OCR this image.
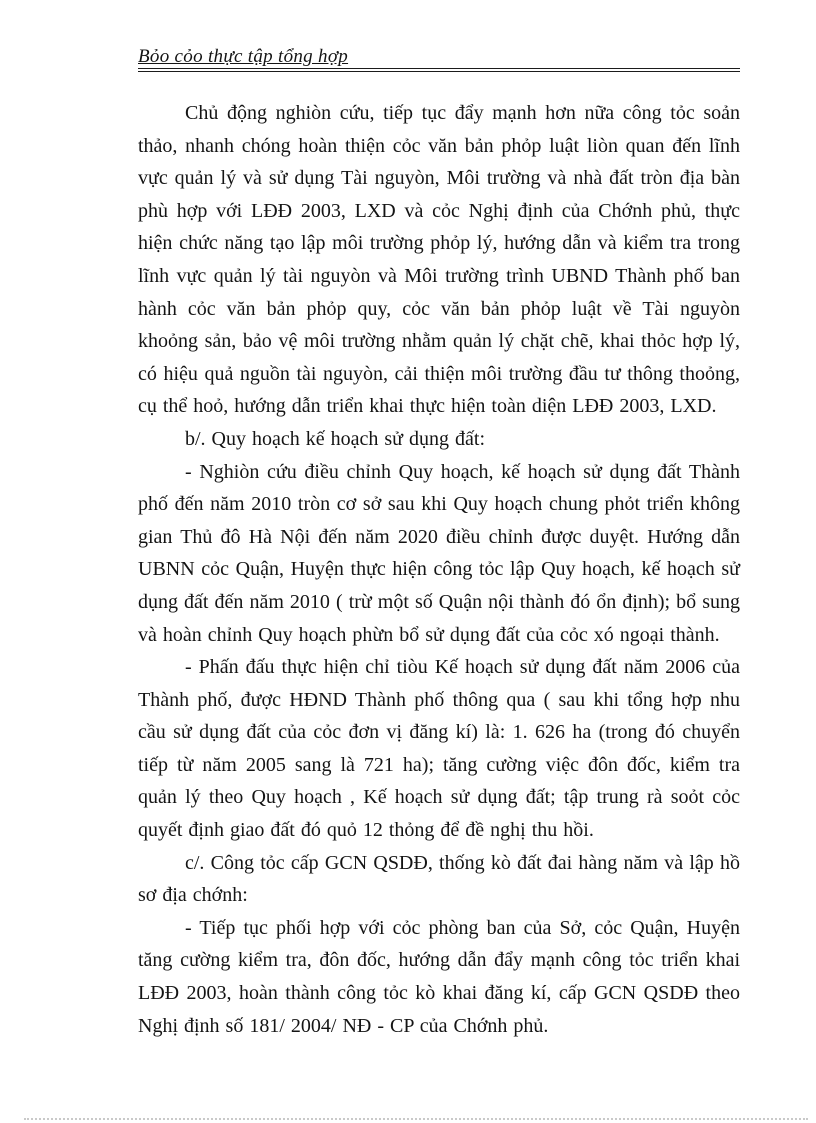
Bỏo cỏo thực tập tổng hợp

Chủ động nghiòn cứu, tiếp tục đẩy mạnh hơn nữa công tỏc soản thảo, nhanh chóng hoàn thiện cỏc văn bản phỏp luật liòn quan đến lĩnh vực quản lý và sử dụng Tài nguyòn, Môi trường và nhà đất tròn địa bàn phù hợp với LĐĐ 2003, LXD và cỏc Nghị định của Chớnh phủ, thực hiện chức năng tạo lập môi trường phỏp lý, hướng dẫn và kiểm tra trong lĩnh vực quản lý tài nguyòn và Môi trường trình UBND Thành phố ban hành cỏc văn bản phỏp quy, cỏc văn bản phỏp luật về Tài nguyòn khoỏng sản, bảo vệ môi trường nhằm quản lý chặt chẽ, khai thỏc hợp lý, có hiệu quả nguồn tài nguyòn, cải thiện môi trường đầu tư thông thoỏng, cụ thể hoỏ, hướng dẫn triển khai thực hiện toàn diện LĐĐ 2003, LXD.

b/. Quy hoạch kế hoạch sử dụng đất:

- Nghiòn cứu điều chỉnh Quy hoạch, kế hoạch sử dụng đất Thành phố đến năm 2010 tròn cơ sở sau khi Quy hoạch chung phỏt triển không gian Thủ đô Hà Nội đến năm 2020 điều chỉnh được duyệt. Hướng dẫn UBNN cỏc Quận, Huyện thực hiện công tỏc lập Quy hoạch, kế hoạch sử dụng đất đến năm 2010 ( trừ một số Quận nội thành đó ổn định); bổ sung và hoàn chỉnh Quy hoạch phừn bổ sử dụng đất của cỏc xó ngoại thành.

- Phấn đấu thực hiện chỉ tiòu Kế hoạch sử dụng đất năm 2006 của Thành phố, được HĐND Thành phố thông qua ( sau khi tổng hợp nhu cầu sử dụng đất của cỏc đơn vị đăng kí) là: 1. 626 ha (trong đó chuyển tiếp từ năm 2005 sang là 721 ha); tăng cường việc đôn đốc, kiểm tra quản lý theo Quy hoạch , Kế hoạch sử dụng đất; tập trung rà soỏt cỏc quyết định giao đất đó quỏ 12 thỏng để đề nghị thu hồi.

c/. Công tỏc cấp GCN QSDĐ, thống kò đất đai hàng năm và lập hồ sơ địa chớnh:

- Tiếp tục phối hợp với cỏc phòng ban của Sở, cỏc Quận, Huyện tăng cường kiểm tra, đôn đốc, hướng dẫn đẩy mạnh công tỏc triển khai LĐĐ 2003, hoàn thành công tỏc kò khai đăng kí, cấp GCN QSDĐ theo Nghị định số 181/ 2004/ NĐ - CP của Chớnh phủ.
